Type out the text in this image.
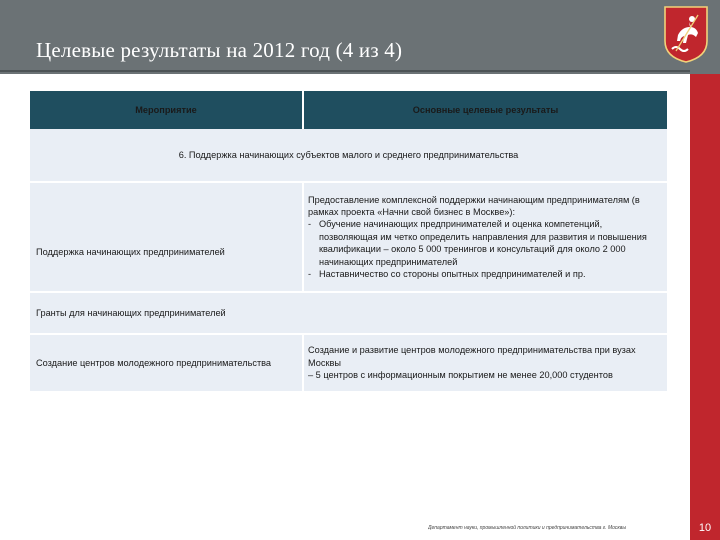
Целевые результаты на 2012 год (4 из 4)
Мероприятие	Основные целевые результаты
6. Поддержка начинающих субъектов малого и среднего предпринимательства	

Поддержка начинающих предпринимателей	Предоставление комплексной поддержки начинающим предпринимателям (в рамках проекта «Начни свой бизнес в Москве»):
- Обучение начинающих предпринимателей и оценка компетенций, позволяющая им четко определить направления для развития и повышения квалификации – около 5 000 тренингов и консультаций для около 2 000 начинающих предпринимателей
- Наставничество со стороны опытных предпринимателей и пр.

Гранты для начинающих предпринимателей	
Создание центров молодежного предпринимательства	Создание и развитие центров молодежного предпринимательства при вузах Москвы
– 5 центров с информационным покрытием не менее 20,000 студентов
10
Департамент науки, промышленной политики и предпринимательства г. Москвы
